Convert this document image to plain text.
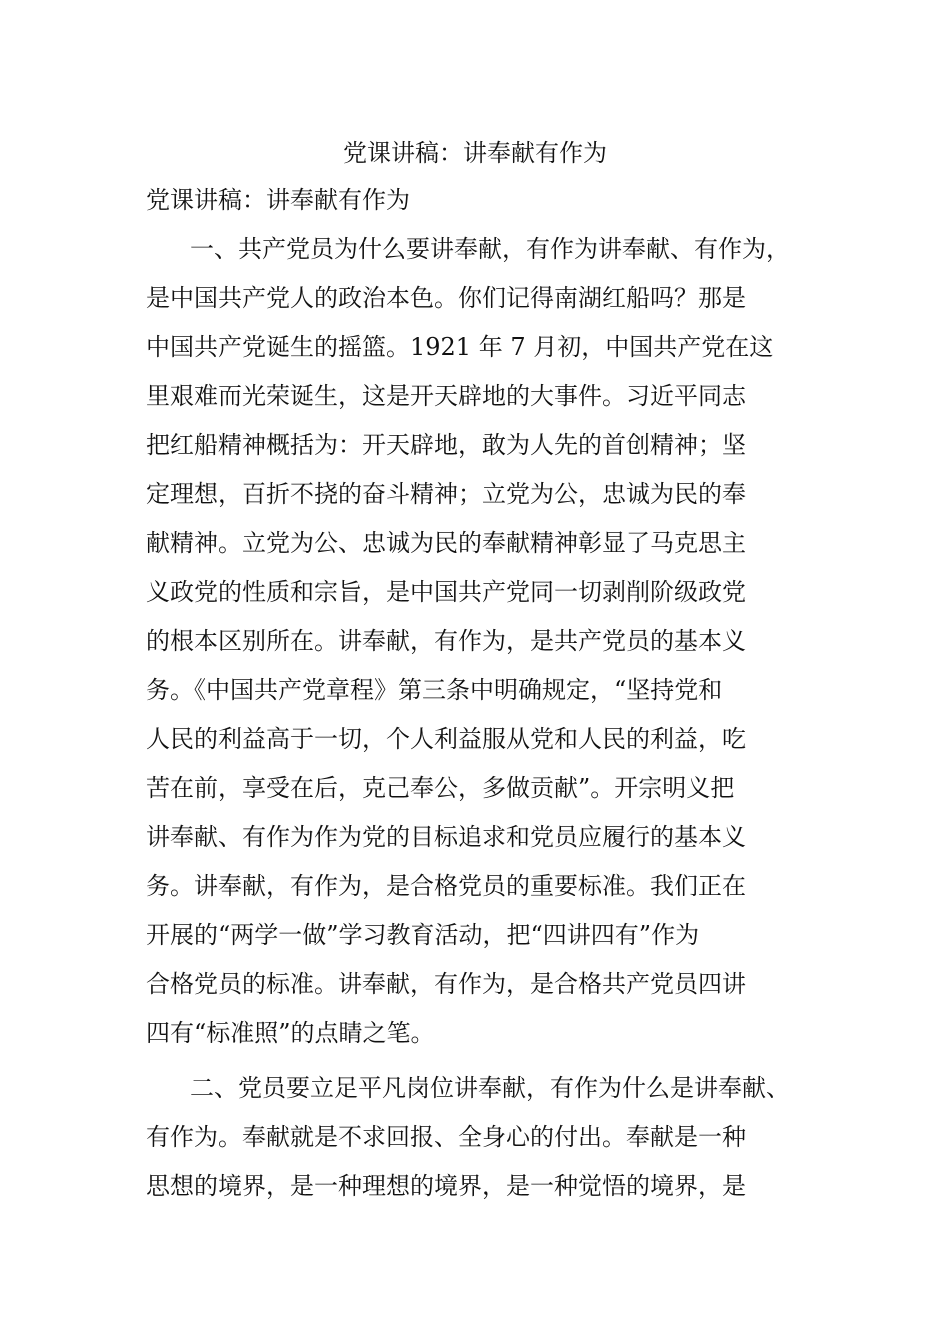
党课讲稿：讲奉献有作为

党课讲稿：讲奉献有作为

一、共产党员为什么要讲奉献，有作为讲奉献、有作为，

是中国共产党人的政治本色。你们记得南湖红船吗？那是

中国共产党诞生的摇篮。1921 年 7 月初，中国共产党在这

里艰难而光荣诞生，这是开天辟地的大事件。习近平同志

把红船精神概括为：开天辟地，敢为人先的首创精神；坚

定理想，百折不挠的奋斗精神；立党为公，忠诚为民的奉

献精神。立党为公、忠诚为民的奉献精神彰显了马克思主

义政党的性质和宗旨，是中国共产党同一切剥削阶级政党

的根本区别所在。讲奉献，有作为，是共产党员的基本义

务。《中国共产党章程》第三条中明确规定，“坚持党和

人民的利益高于一切，个人利益服从党和人民的利益，吃

苦在前，享受在后，克己奉公，多做贡献”。开宗明义把

讲奉献、有作为作为党的目标追求和党员应履行的基本义

务。讲奉献，有作为，是合格党员的重要标准。我们正在

开展的“两学一做”学习教育活动，把“四讲四有”作为

合格党员的标准。讲奉献，有作为，是合格共产党员四讲

四有“标准照”的点睛之笔。

二、党员要立足平凡岗位讲奉献，有作为什么是讲奉献、

有作为。奉献就是不求回报、全身心的付出。奉献是一种

思想的境界，是一种理想的境界，是一种觉悟的境界，是
